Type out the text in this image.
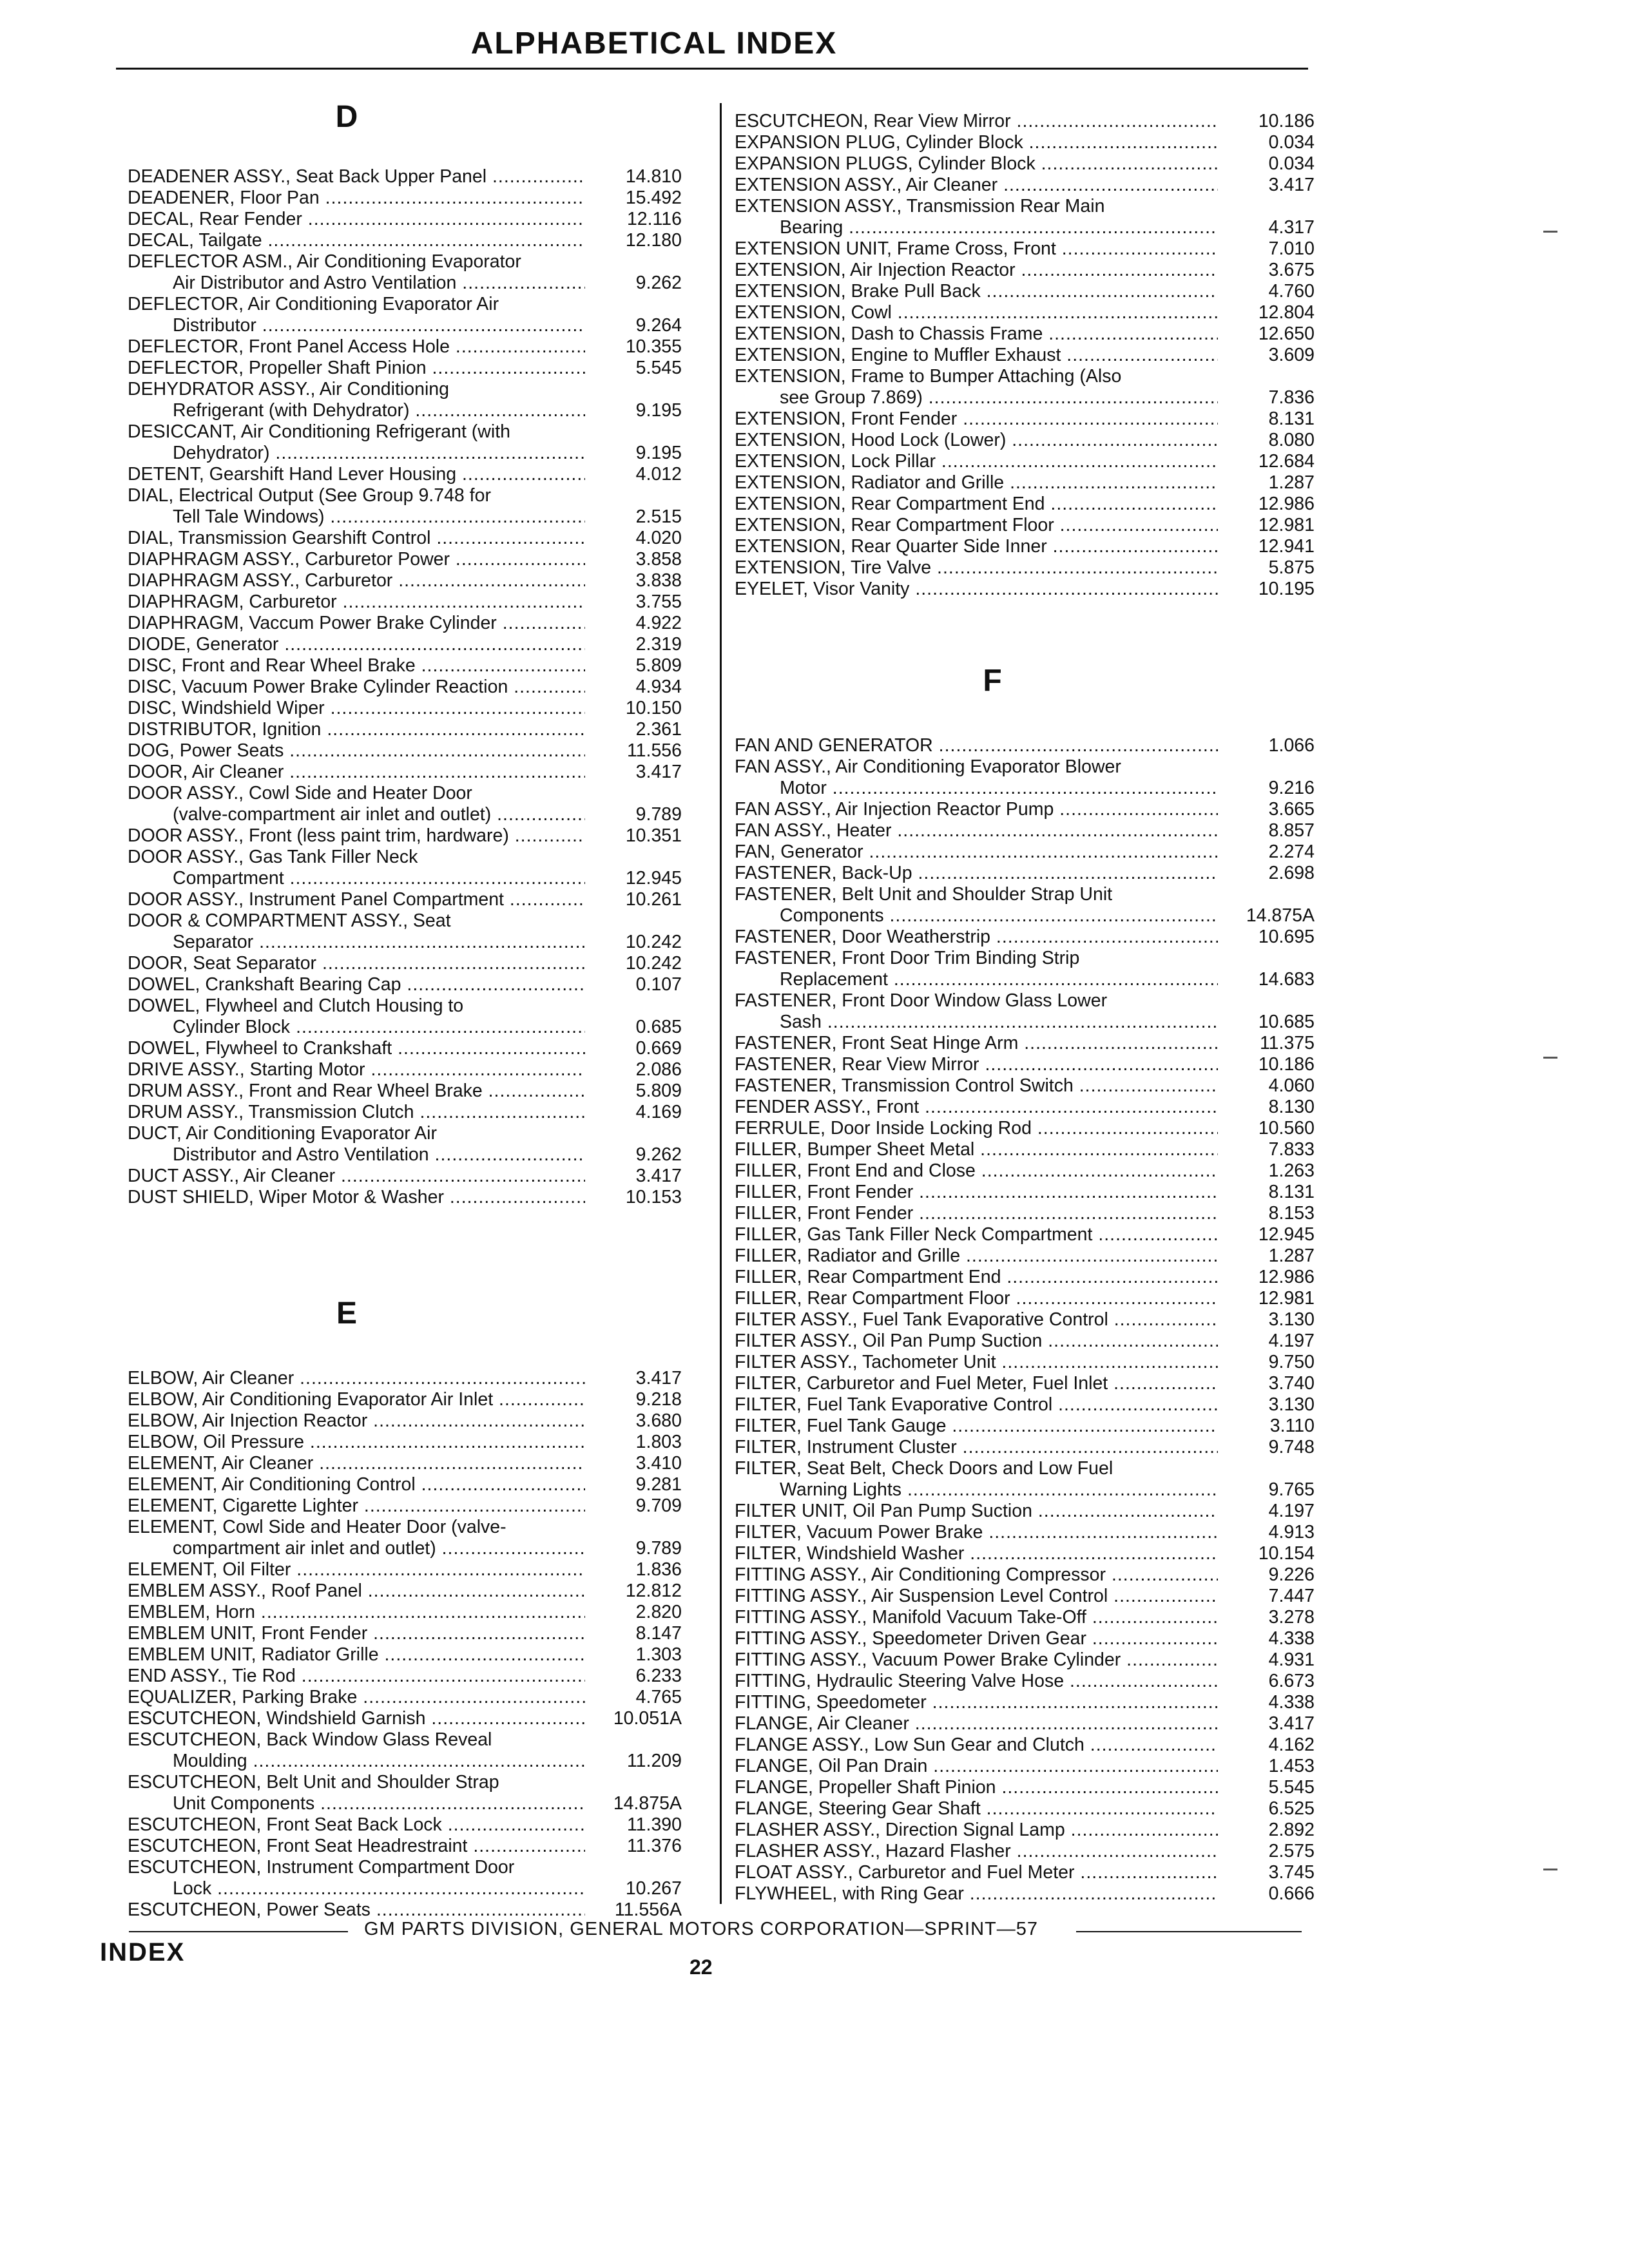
ALPHABETICAL INDEX
D
DEADENER ASSY., Seat Back Upper Panel .....	14.810
DEADENER, Floor Pan .....	15.492
DECAL, Rear Fender .....	12.116
DECAL, Tailgate .....	12.180
DEFLECTOR ASM., Air Conditioning Evaporator
Air Distributor and Astro Ventilation .....	9.262
DEFLECTOR, Air Conditioning Evaporator Air
Distributor .....	9.264
DEFLECTOR, Front Panel Access Hole .....	10.355
DEFLECTOR, Propeller Shaft Pinion .....	5.545
DEHYDRATOR ASSY., Air Conditioning
Refrigerant (with Dehydrator) .....	9.195
DESICCANT, Air Conditioning Refrigerant (with
Dehydrator) .....	9.195
DETENT, Gearshift Hand Lever Housing .....	4.012
DIAL, Electrical Output (See Group 9.748 for
Tell Tale Windows) .....	2.515
DIAL, Transmission Gearshift Control .....	4.020
DIAPHRAGM ASSY., Carburetor Power .....	3.858
DIAPHRAGM ASSY., Carburetor .....	3.838
DIAPHRAGM, Carburetor .....	3.755
DIAPHRAGM, Vaccum Power Brake Cylinder .....	4.922
DIODE, Generator .....	2.319
DISC, Front and Rear Wheel Brake .....	5.809
DISC, Vacuum Power Brake Cylinder Reaction .....	4.934
DISC, Windshield Wiper .....	10.150
DISTRIBUTOR, Ignition .....	2.361
DOG, Power Seats .....	11.556
DOOR, Air Cleaner .....	3.417
DOOR ASSY., Cowl Side and Heater Door
(valve-compartment air inlet and outlet) .....	9.789
DOOR ASSY., Front (less paint trim, hardware) .....	10.351
DOOR ASSY., Gas Tank Filler Neck
Compartment .....	12.945
DOOR ASSY., Instrument Panel Compartment .....	10.261
DOOR & COMPARTMENT ASSY., Seat
Separator .....	10.242
DOOR, Seat Separator .....	10.242
DOWEL, Crankshaft Bearing Cap .....	0.107
DOWEL, Flywheel and Clutch Housing to
Cylinder Block .....	0.685
DOWEL, Flywheel to Crankshaft .....	0.669
DRIVE ASSY., Starting Motor .....	2.086
DRUM ASSY., Front and Rear Wheel Brake .....	5.809
DRUM ASSY., Transmission Clutch .....	4.169
DUCT, Air Conditioning Evaporator Air
Distributor and Astro Ventilation .....	9.262
DUCT ASSY., Air Cleaner .....	3.417
DUST SHIELD, Wiper Motor & Washer .....	10.153
E
ELBOW, Air Cleaner .....	3.417
ELBOW, Air Conditioning Evaporator Air Inlet .....	9.218
ELBOW, Air Injection Reactor .....	3.680
ELBOW, Oil Pressure .....	1.803
ELEMENT, Air Cleaner .....	3.410
ELEMENT, Air Conditioning Control .....	9.281
ELEMENT, Cigarette Lighter .....	9.709
ELEMENT, Cowl Side and Heater Door (valve-
compartment air inlet and outlet) .....	9.789
ELEMENT, Oil Filter .....	1.836
EMBLEM ASSY., Roof Panel .....	12.812
EMBLEM, Horn .....	2.820
EMBLEM UNIT, Front Fender .....	8.147
EMBLEM UNIT, Radiator Grille .....	1.303
END ASSY., Tie Rod .....	6.233
EQUALIZER, Parking Brake .....	4.765
ESCUTCHEON, Windshield Garnish .....	10.051A
ESCUTCHEON, Back Window Glass Reveal
Moulding .....	11.209
ESCUTCHEON, Belt Unit and Shoulder Strap
Unit Components .....	14.875A
ESCUTCHEON, Front Seat Back Lock .....	11.390
ESCUTCHEON, Front Seat Headrestraint .....	11.376
ESCUTCHEON, Instrument Compartment Door
Lock .....	10.267
ESCUTCHEON, Power Seats .....	11.556A
ESCUTCHEON, Rear View Mirror .....	10.186
EXPANSION PLUG, Cylinder Block .....	0.034
EXPANSION PLUGS, Cylinder Block .....	0.034
EXTENSION ASSY., Air Cleaner .....	3.417
EXTENSION ASSY., Transmission Rear Main
Bearing .....	4.317
EXTENSION UNIT, Frame Cross, Front .....	7.010
EXTENSION, Air Injection Reactor .....	3.675
EXTENSION, Brake Pull Back .....	4.760
EXTENSION, Cowl .....	12.804
EXTENSION, Dash to Chassis Frame .....	12.650
EXTENSION, Engine to Muffler Exhaust .....	3.609
EXTENSION, Frame to Bumper Attaching (Also
see Group 7.869) .....	7.836
EXTENSION, Front Fender .....	8.131
EXTENSION, Hood Lock (Lower) .....	8.080
EXTENSION, Lock Pillar .....	12.684
EXTENSION, Radiator and Grille .....	1.287
EXTENSION, Rear Compartment End .....	12.986
EXTENSION, Rear Compartment Floor .....	12.981
EXTENSION, Rear Quarter Side Inner .....	12.941
EXTENSION, Tire Valve .....	5.875
EYELET, Visor Vanity .....	10.195
F
FAN AND GENERATOR .....	1.066
FAN ASSY., Air Conditioning Evaporator Blower
Motor .....	9.216
FAN ASSY., Air Injection Reactor Pump .....	3.665
FAN ASSY., Heater .....	8.857
FAN, Generator .....	2.274
FASTENER, Back-Up .....	2.698
FASTENER, Belt Unit and Shoulder Strap Unit
Components .....	14.875A
FASTENER, Door Weatherstrip .....	10.695
FASTENER, Front Door Trim Binding Strip
Replacement .....	14.683
FASTENER, Front Door Window Glass Lower
Sash .....	10.685
FASTENER, Front Seat Hinge Arm .....	11.375
FASTENER, Rear View Mirror .....	10.186
FASTENER, Transmission Control Switch .....	4.060
FENDER ASSY., Front .....	8.130
FERRULE, Door Inside Locking Rod .....	10.560
FILLER, Bumper Sheet Metal .....	7.833
FILLER, Front End and Close .....	1.263
FILLER, Front Fender .....	8.131
FILLER, Front Fender .....	8.153
FILLER, Gas Tank Filler Neck Compartment .....	12.945
FILLER, Radiator and Grille .....	1.287
FILLER, Rear Compartment End .....	12.986
FILLER, Rear Compartment Floor .....	12.981
FILTER ASSY., Fuel Tank Evaporative Control .....	3.130
FILTER ASSY., Oil Pan Pump Suction .....	4.197
FILTER ASSY., Tachometer Unit .....	9.750
FILTER, Carburetor and Fuel Meter, Fuel Inlet .....	3.740
FILTER, Fuel Tank Evaporative Control .....	3.130
FILTER, Fuel Tank Gauge .....	3.110
FILTER, Instrument Cluster .....	9.748
FILTER, Seat Belt, Check Doors and Low Fuel
Warning Lights .....	9.765
FILTER UNIT, Oil Pan Pump Suction .....	4.197
FILTER, Vacuum Power Brake .....	4.913
FILTER, Windshield Washer .....	10.154
FITTING ASSY., Air Conditioning Compressor .....	9.226
FITTING ASSY., Air Suspension Level Control .....	7.447
FITTING ASSY., Manifold Vacuum Take-Off .....	3.278
FITTING ASSY., Speedometer Driven Gear .....	4.338
FITTING ASSY., Vacuum Power Brake Cylinder .....	4.931
FITTING, Hydraulic Steering Valve Hose .....	6.673
FITTING, Speedometer .....	4.338
FLANGE, Air Cleaner .....	3.417
FLANGE ASSY., Low Sun Gear and Clutch .....	4.162
FLANGE, Oil Pan Drain .....	1.453
FLANGE, Propeller Shaft Pinion .....	5.545
FLANGE, Steering Gear Shaft .....	6.525
FLASHER ASSY., Direction Signal Lamp .....	2.892
FLASHER ASSY., Hazard Flasher .....	2.575
FLOAT ASSY., Carburetor and Fuel Meter .....	3.745
FLYWHEEL, with Ring Gear .....	0.666
GM PARTS DIVISION, GENERAL MOTORS CORPORATION—SPRINT—57
INDEX
22
